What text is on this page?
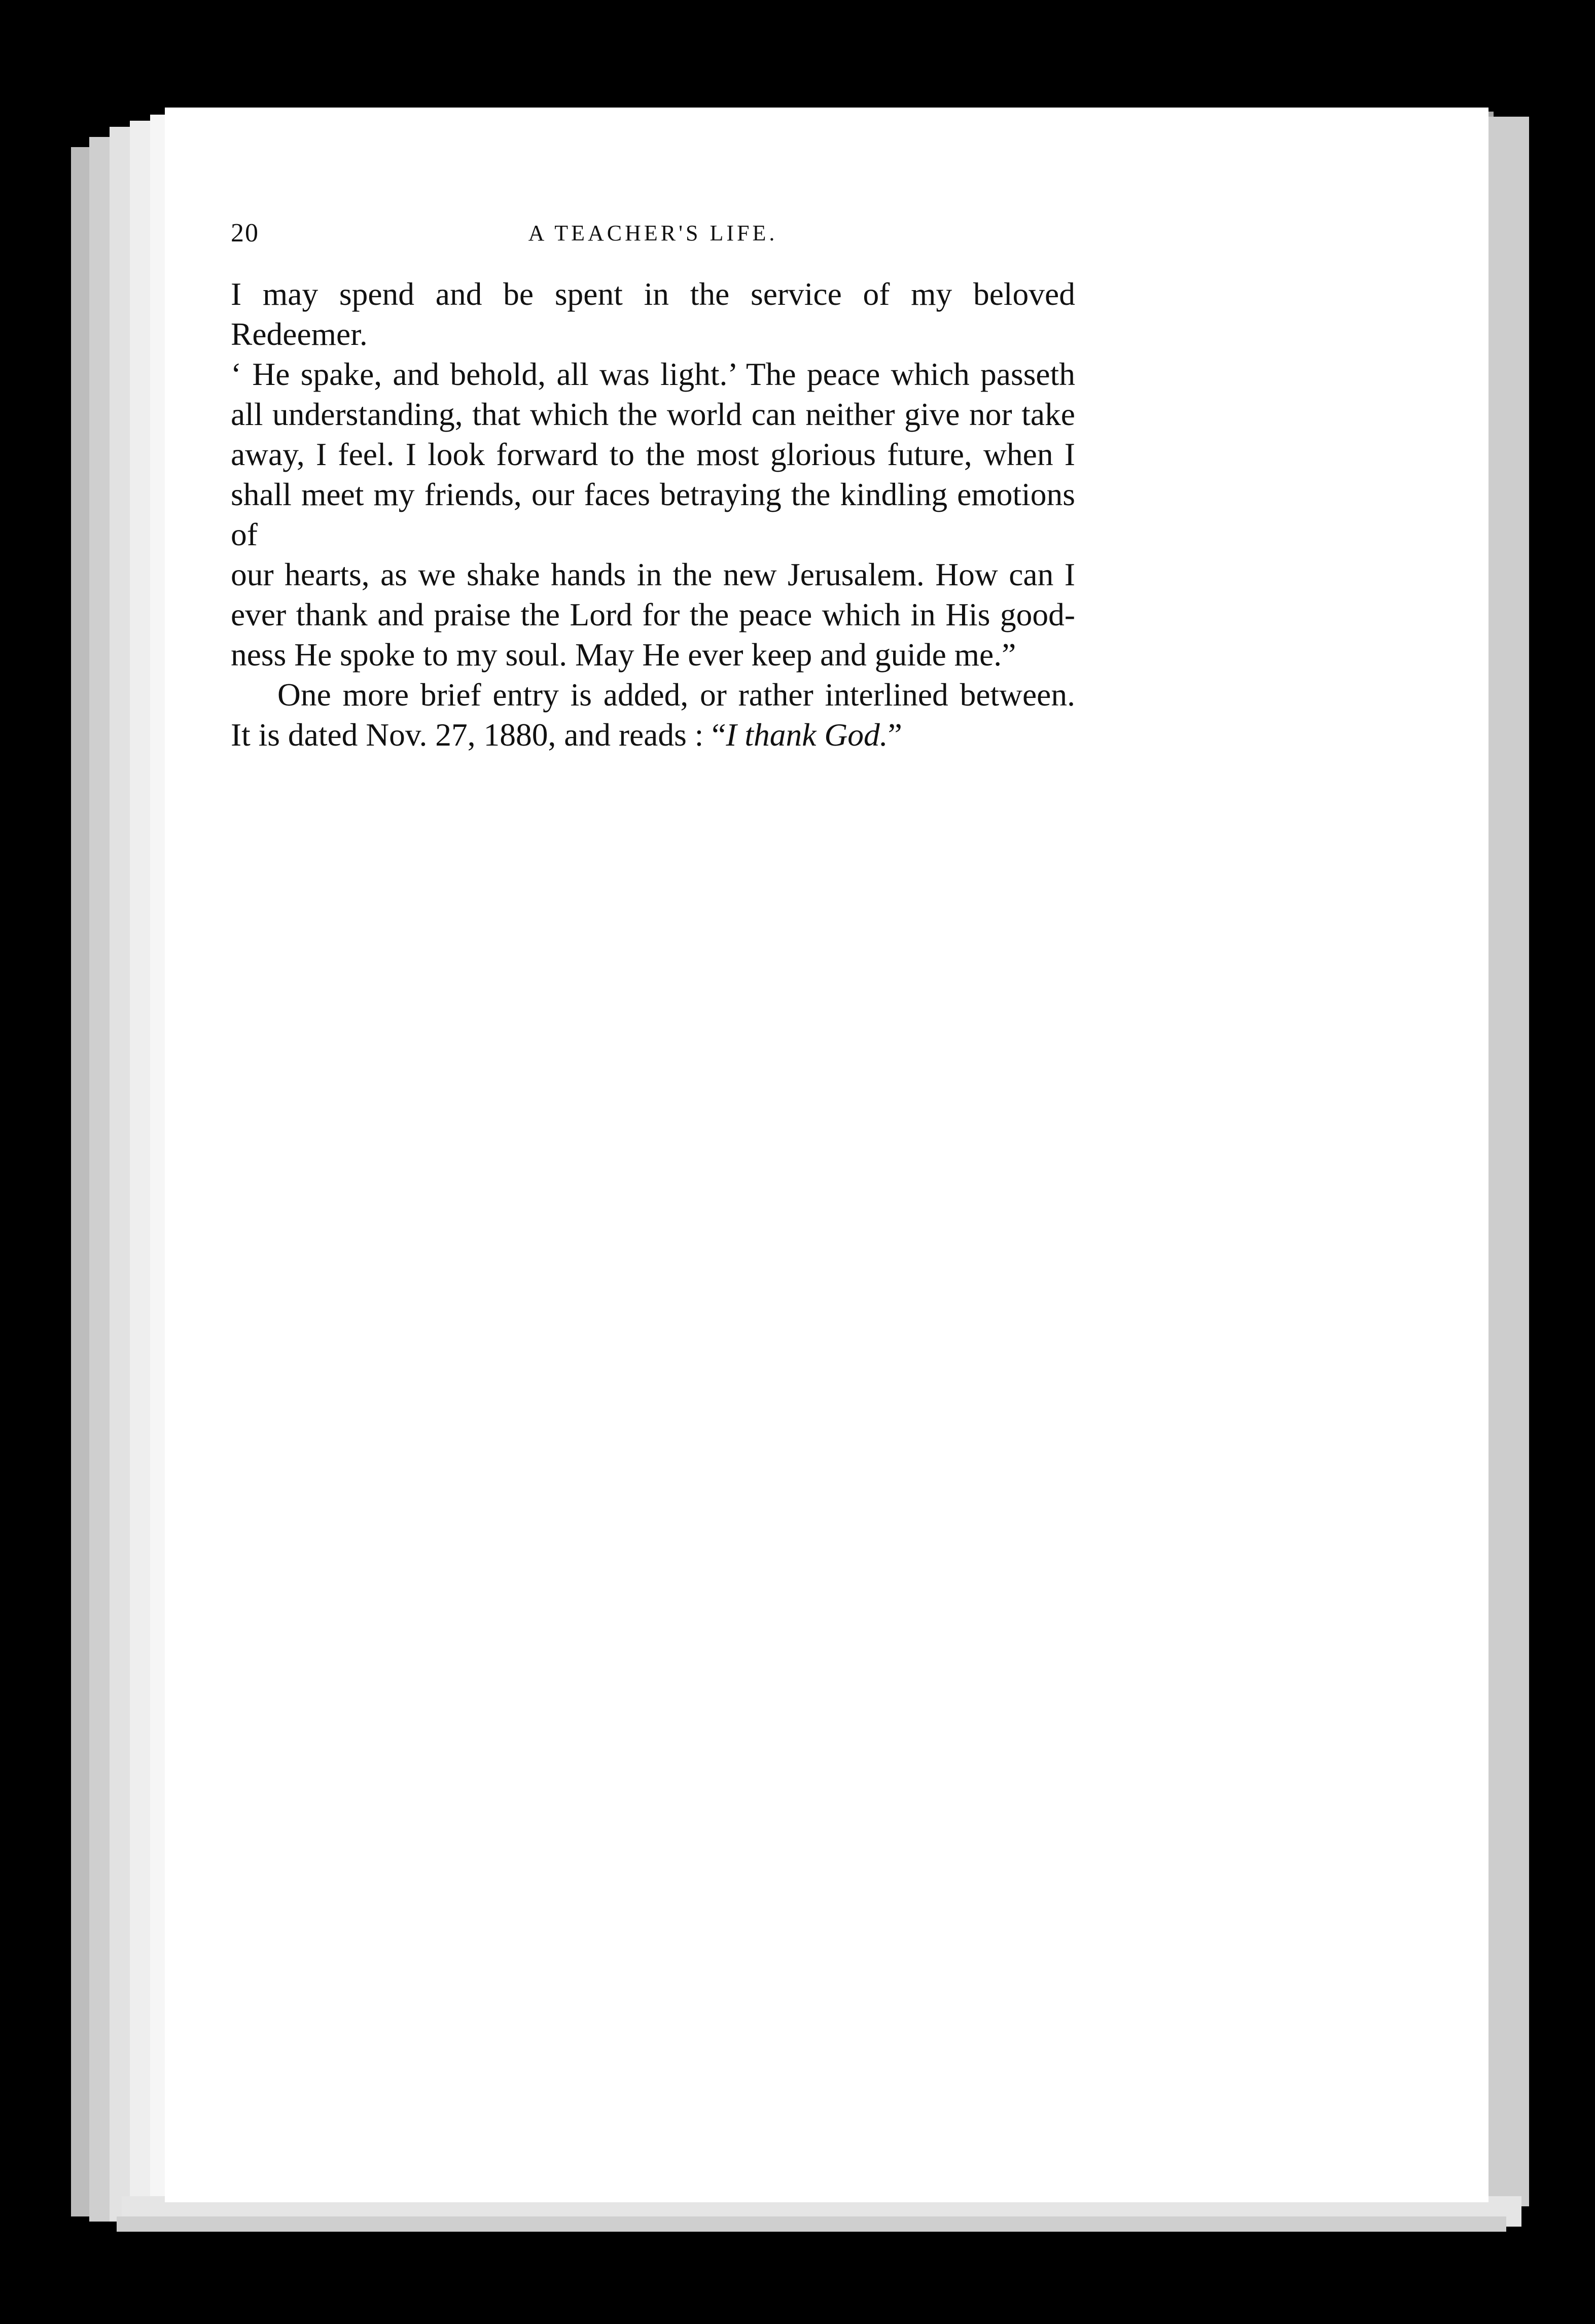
20	A TEACHER'S LIFE.
I may spend and be spent in the service of my beloved Redeemer.
‘ He spake, and behold, all was light.’ The peace which passeth
all understanding, that which the world can neither give nor take
away, I feel. I look forward to the most glorious future, when I
shall meet my friends, our faces betraying the kindling emotions of
our hearts, as we shake hands in the new Jerusalem. How can I
ever thank and praise the Lord for the peace which in His good-
ness He spoke to my soul. May He ever keep and guide me.”
One more brief entry is added, or rather interlined between.
It is dated Nov. 27, 1880, and reads : “I thank God.”
